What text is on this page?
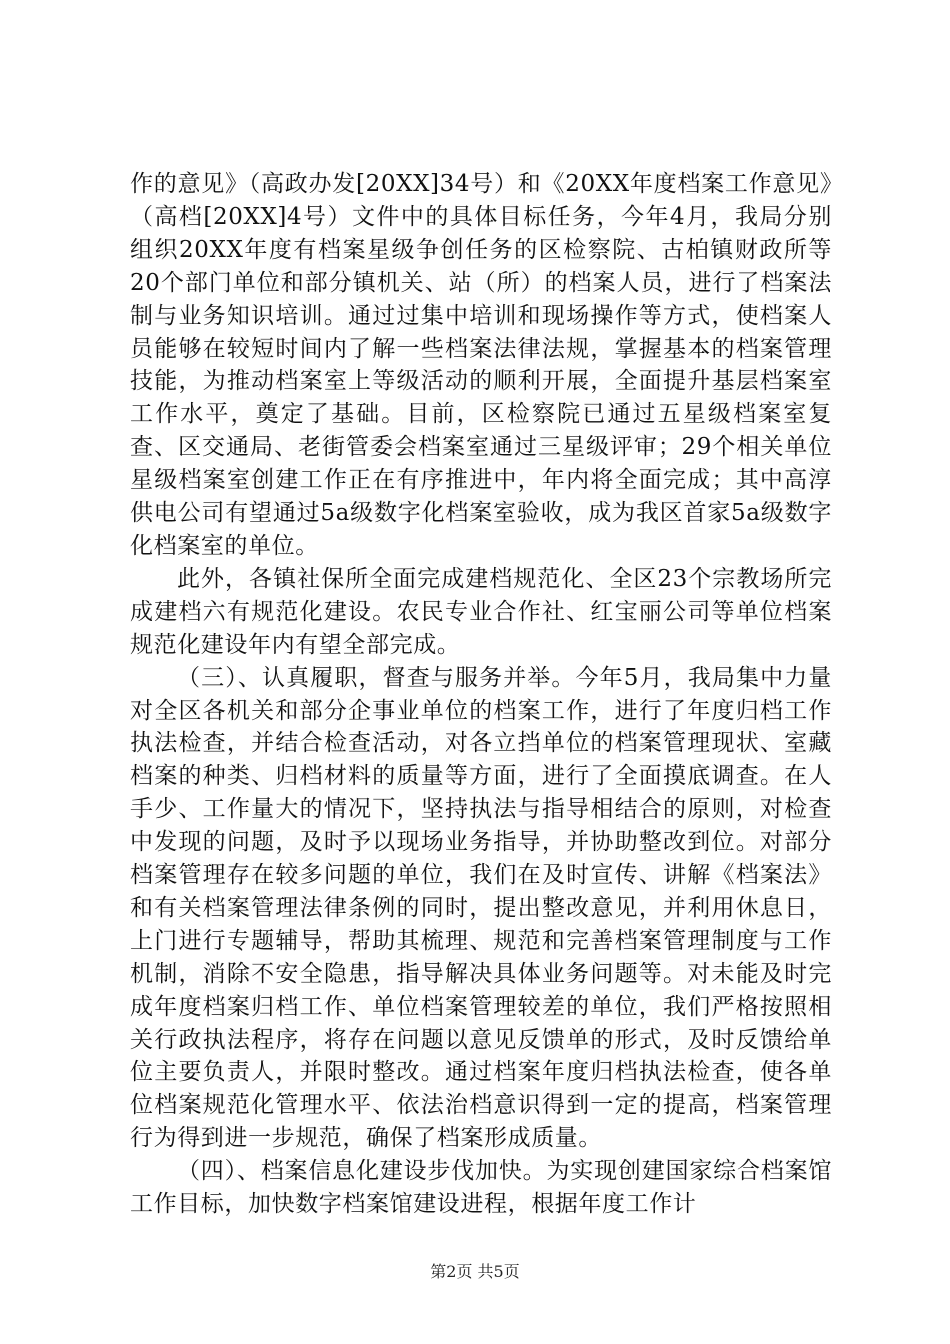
作的意见》（高政办发[20XX]34号）和《20XX年度档案工作意见》（高档[20XX]4号）文件中的具体目标任务，今年4月，我局分别组织20XX年度有档案星级争创任务的区检察院、古柏镇财政所等20个部门单位和部分镇机关、站（所）的档案人员，进行了档案法制与业务知识培训。通过过集中培训和现场操作等方式，使档案人员能够在较短时间内了解一些档案法律法规，掌握基本的档案管理技能，为推动档案室上等级活动的顺利开展，全面提升基层档案室工作水平，奠定了基础。目前，区检察院已通过五星级档案室复查、区交通局、老街管委会档案室通过三星级评审；29个相关单位星级档案室创建工作正在有序推进中，年内将全面完成；其中高淳供电公司有望通过5a级数字化档案室验收，成为我区首家5a级数字化档案室的单位。

此外，各镇社保所全面完成建档规范化、全区23个宗教场所完成建档六有规范化建设。农民专业合作社、红宝丽公司等单位档案规范化建设年内有望全部完成。

（三）、认真履职，督查与服务并举。今年5月，我局集中力量对全区各机关和部分企事业单位的档案工作，进行了年度归档工作执法检查，并结合检查活动，对各立挡单位的档案管理现状、室藏档案的种类、归档材料的质量等方面，进行了全面摸底调查。在人手少、工作量大的情况下，坚持执法与指导相结合的原则，对检查中发现的问题，及时予以现场业务指导，并协助整改到位。对部分档案管理存在较多问题的单位，我们在及时宣传、讲解《档案法》和有关档案管理法律条例的同时，提出整改意见，并利用休息日，上门进行专题辅导，帮助其梳理、规范和完善档案管理制度与工作机制，消除不安全隐患，指导解决具体业务问题等。对未能及时完成年度档案归档工作、单位档案管理较差的单位，我们严格按照相关行政执法程序，将存在问题以意见反馈单的形式，及时反馈给单位主要负责人，并限时整改。通过档案年度归档执法检查，使各单位档案规范化管理水平、依法治档意识得到一定的提高，档案管理行为得到进一步规范，确保了档案形成质量。

（四）、档案信息化建设步伐加快。为实现创建国家综合档案馆工作目标，加快数字档案馆建设进程，根据年度工作计

第2页 共5页
